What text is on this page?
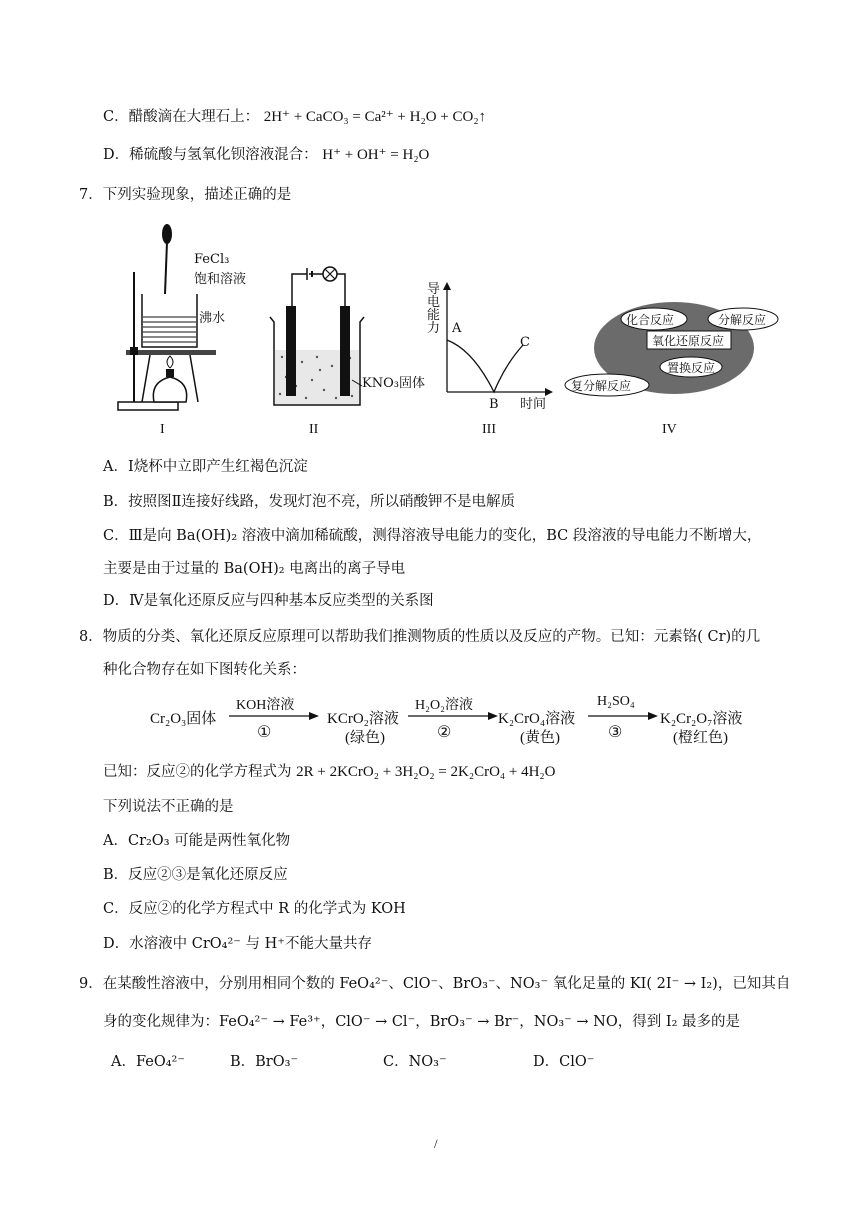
C．醋酸滴在大理石上： 2H⁺ + CaCO₃ = Ca²⁺ + H₂O + CO₂↑
D．稀硫酸与氢氧化钡溶液混合： H⁺ + OH⁺ = H₂O
7．下列实验现象，描述正确的是
FeCl₃
饱和溶液
沸水
I
KNO₃固体
II
导电能力 A
B
C
时间
III
化合反应	分解反应
氧化还原反应
置换反应
复分解反应
IV
A．Ⅰ烧杯中立即产生红褐色沉淀
B．按照图Ⅱ连接好线路，发现灯泡不亮，所以硝酸钾不是电解质
C．Ⅲ是向 Ba(OH)₂ 溶液中滴加稀硫酸，测得溶液导电能力的变化，BC 段溶液的导电能力不断增大，
主要是由于过量的 Ba(OH)₂ 电离出的离子导电
D．Ⅳ是氧化还原反应与四种基本反应类型的关系图
8．物质的分类、氧化还原反应原理可以帮助我们推测物质的性质以及反应的产物。已知：元素铬( Cr)的几
种化合物存在如下图转化关系：
Cr₂O₃固体
KOH溶液
①
KCrO₂溶液
(绿色)
H₂O₂溶液
②
K₂CrO₄溶液
(黄色)
H₂SO₄
③
K₂Cr₂O₇溶液
(橙红色)
已知：反应②的化学方程式为 2R + 2KCrO₂ + 3H₂O₂ = 2K₂CrO₄ + 4H₂O
下列说法不正确的是
A．Cr₂O₃ 可能是两性氧化物
B．反应②③是氧化还原反应
C．反应②的化学方程式中 R 的化学式为 KOH
D．水溶液中 CrO₄²⁻ 与 H⁺不能大量共存
9．在某酸性溶液中，分别用相同个数的 FeO₄²⁻、ClO⁻、BrO₃⁻、NO₃⁻ 氧化足量的 KI( 2I⁻ → I₂)，已知其自
身的变化规律为：FeO₄²⁻ → Fe³⁺，ClO⁻ → Cl⁻，BrO₃⁻ → Br⁻，NO₃⁻ → NO，得到 I₂ 最多的是
A．FeO₄²⁻	B．BrO₃⁻	C．NO₃⁻	D．ClO⁻
/
